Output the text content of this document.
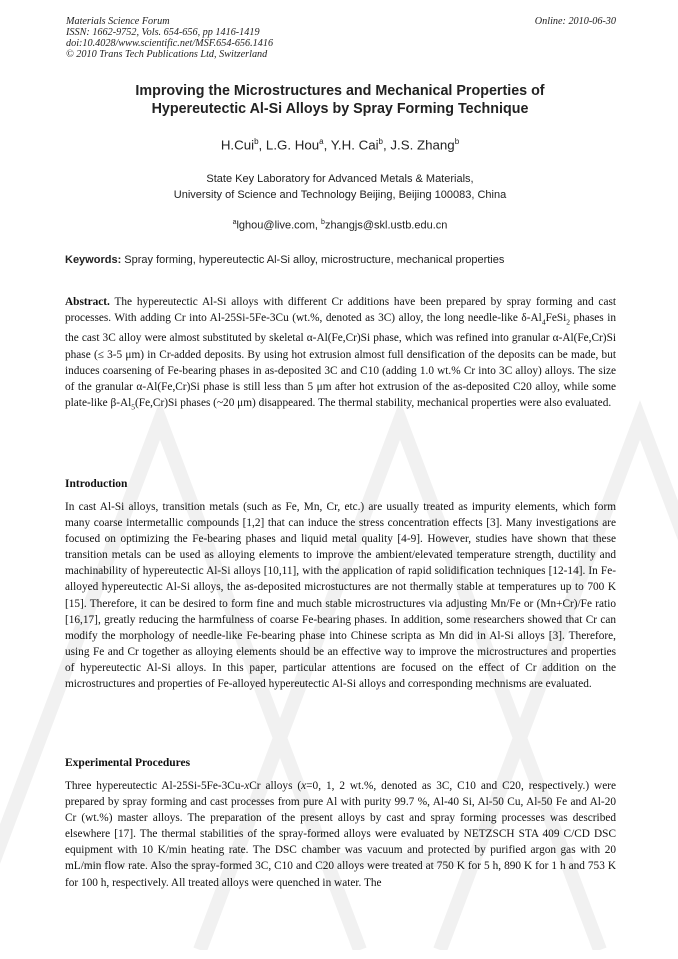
Materials Science Forum
ISSN: 1662-9752, Vols. 654-656, pp 1416-1419
doi:10.4028/www.scientific.net/MSF.654-656.1416
© 2010 Trans Tech Publications Ltd, Switzerland
Online: 2010-06-30
Improving the Microstructures and Mechanical Properties of
Hypereutectic Al-Si Alloys by Spray Forming Technique
H.Cui$^b$, L.G. Hou$^a$, Y.H. Cai$^b$, J.S. Zhang$^b$
State Key Laboratory for Advanced Metals & Materials,
University of Science and Technology Beijing, Beijing 100083, China
$^a$lghou@live.com, $^b$zhangjs@skl.ustb.edu.cn
Keywords: Spray forming, hypereutectic Al-Si alloy, microstructure, mechanical properties
Abstract. The hypereutectic Al-Si alloys with different Cr additions have been prepared by spray forming and cast processes. With adding Cr into Al-25Si-5Fe-3Cu (wt.%, denoted as 3C) alloy, the long needle-like $\delta-Al_4FeSi_2$ phases in the cast 3C alloy were almost substituted by skeletal α-Al(Fe,Cr)Si phase, which was refined into granular α-Al(Fe,Cr)Si phase (≤ 3-5 μm) in Cr-added deposits. By using hot extrusion almost full densification of the deposits can be made, but induces coarsening of Fe-bearing phases in as-deposited 3C and C10 (adding 1.0 wt.% Cr into 3C alloy) alloys. The size of the granular α-Al(Fe,Cr)Si phase is still less than 5 μm after hot extrusion of the as-deposited C20 alloy, while some plate-like $\beta-Al_5(Fe,Cr)Si$ phases (~20 μm) disappeared. The thermal stability, mechanical properties were also evaluated.
Introduction
In cast Al-Si alloys, transition metals (such as Fe, Mn, Cr, etc.) are usually treated as impurity elements, which form many coarse intermetallic compounds [1,2] that can induce the stress concentration effects [3]. Many investigations are focused on optimizing the Fe-bearing phases and liquid metal quality [4-9]. However, studies have shown that these transition metals can be used as alloying elements to improve the ambient/elevated temperature strength, ductility and machinability of hypereutectic Al-Si alloys [10,11], with the application of rapid solidification techniques [12-14]. In Fe-alloyed hypereutectic Al-Si alloys, the as-deposited microstuctures are not thermally stable at temperatures up to 700 K [15]. Therefore, it can be desired to form fine and much stable microstructures via adjusting Mn/Fe or (Mn+Cr)/Fe ratio [16,17], greatly reducing the harmfulness of coarse Fe-bearing phases. In addition, some researchers showed that Cr can modify the morphology of needle-like Fe-bearing phase into Chinese scripta as Mn did in Al-Si alloys [3]. Therefore, using Fe and Cr together as alloying elements should be an effective way to improve the microstructures and properties of hypereutectic Al-Si alloys. In this paper, particular attentions are focused on the effect of Cr addition on the microstructures and properties of Fe-alloyed hypereutectic Al-Si alloys and corresponding mechnisms are evaluated.
Experimental Procedures
Three hypereutectic Al-25Si-5Fe-3Cu-xCr alloys (x=0, 1, 2 wt.%, denoted as 3C, C10 and C20, respectively.) were prepared by spray forming and cast processes from pure Al with purity 99.7 %, Al-40 Si, Al-50 Cu, Al-50 Fe and Al-20 Cr (wt.%) master alloys. The preparation of the present alloys by cast and spray forming processes was described elsewhere [17]. The thermal stabilities of the spray-formed alloys were evaluated by NETZSCH STA 409 C/CD DSC equipment with 10 K/min heating rate. The DSC chamber was vacuum and protected by purified argon gas with 20 mL/min flow rate. Also the spray-formed 3C, C10 and C20 alloys were treated at 750 K for 5 h, 890 K for 1 h and 753 K for 100 h, respectively. All treated alloys were quenched in water. The
